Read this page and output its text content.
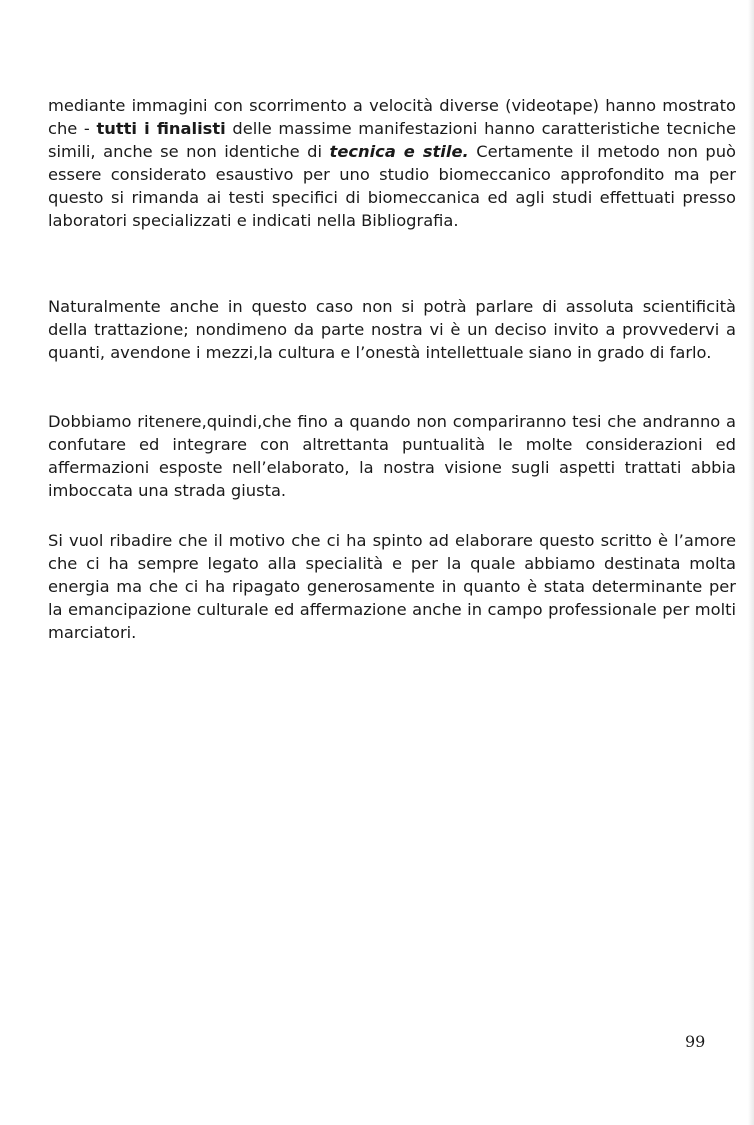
mediante immagini con scorrimento a velocità diverse (videotape) hanno mostrato che - tutti i finalisti delle massime manifestazioni hanno caratteristiche tecniche simili, anche se non identiche di tecnica e stile. Certamente il metodo non può essere considerato esaustivo per uno studio biomeccanico approfondito ma per questo si rimanda ai testi specifici di biomeccanica ed agli studi effettuati presso laboratori specializzati e indicati nella Bibliografia.

Naturalmente anche in questo caso non si potrà parlare di assoluta scientificità della trattazione; nondimeno da parte nostra vi è un deciso invito a provvedervi a quanti, avendone i mezzi,la cultura e l’onestà intellettuale siano in grado di farlo.

Dobbiamo ritenere,quindi,che fino a quando non compariranno tesi che andranno a confutare ed integrare con altrettanta puntualità le molte considerazioni ed affermazioni esposte nell’elaborato, la nostra visione sugli aspetti trattati abbia imboccata una strada giusta.

Si vuol ribadire che il motivo che ci ha spinto ad elaborare questo scritto è l’amore che ci ha sempre legato alla specialità e per la quale abbiamo destinata molta energia ma che ci ha ripagato generosamente in quanto è stata determinante per la emancipazione culturale ed affermazione anche in campo professionale per molti marciatori.

99
